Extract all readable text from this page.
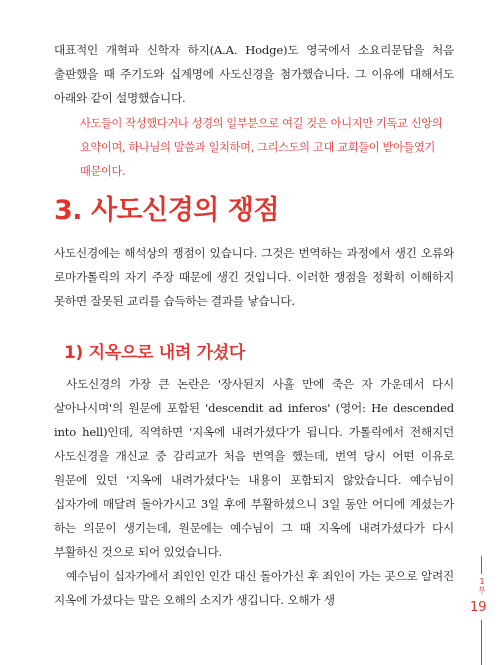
대표적인 개혁파 신학자 하지(A.A. Hodge)도 영국에서 소요리문답을 처음 출판했을 때 주기도와 십계명에 사도신경을 첨가했습니다. 그 이유에 대해서도 아래와 같이 설명했습니다.

사도들이 작성했다거나 성경의 일부분으로 여길 것은 아니지만 기독교 신앙의 요약이며, 하나님의 말씀과 일치하며, 그리스도의 고대 교회들이 받아들였기 때문이다.

3. 사도신경의 쟁점

사도신경에는 해석상의 쟁점이 있습니다. 그것은 번역하는 과정에서 생긴 오류와 로마가톨릭의 자기 주장 때문에 생긴 것입니다. 이러한 쟁점을 정확히 이해하지 못하면 잘못된 교리를 습득하는 결과를 낳습니다.

1) 지옥으로 내려 가셨다

사도신경의 가장 큰 논란은 '장사된지 사흘 만에 죽은 자 가운데서 다시 살아나시며'의 원문에 포함된 'descendit ad inferos' (영어: He descended into hell)인데, 직역하면 '지옥에 내려가셨다'가 됩니다. 가톨릭에서 전해지던 사도신경을 개신교 중 감리교가 처음 번역을 했는데, 번역 당시 어떤 이유로 원문에 있던 '지옥에 내려가셨다'는 내용이 포함되지 않았습니다. 예수님이 십자가에 매달려 돌아가시고 3일 후에 부활하셨으니 3일 동안 어디에 계셨는가 하는 의문이 생기는데, 원문에는 예수님이 그 때 지옥에 내려가셨다가 다시 부활하신 것으로 되어 있었습니다.

예수님이 십자가에서 죄인인 인간 대신 돌아가신 후 죄인이 가는 곳으로 알려진 지옥에 가셨다는 말은 오해의 소지가 생깁니다. 오해가 생

1부
19
